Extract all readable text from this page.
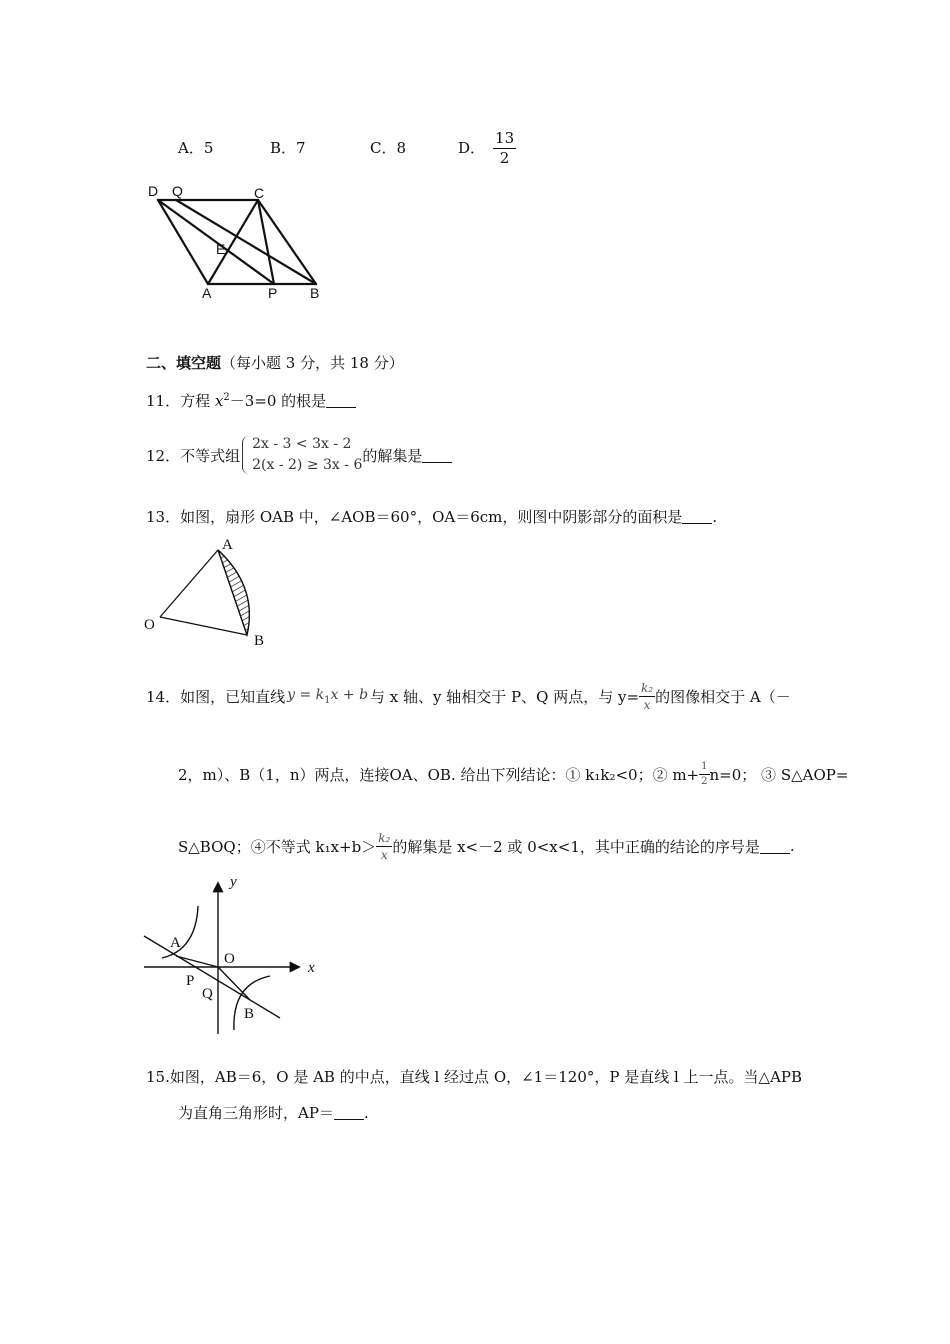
A．5	B．7	C．8	D． $\frac{13}{2}$
D Q	C
E
A	P B
二、填空题（每小题 3 分，共 18 分）
11．方程 $x^2-3=0$ 的根是
12． 不等式组
2x - 3 < 3x - 2
2(x - 2) ≥ 3x - 6
的解集是
13．如图，扇形 OAB 中，∠AOB＝60°，OA＝6cm，则图中阴影部分的面积是 .
A
O
B
14． 如图，已知直线 $y = k_1x + b$ 与 x 轴、y 轴相交于 P、Q 两点，与 $y= \frac{\text{k₂}}{x}$ 的图像相交于 A（－
2，m）、B（1，n）两点，连接OA、OB. 给出下列结论：① k₁k₂<0；② $m+ \frac{1}{2} n=0$； ③ S△AOP=
S△BOQ；④不等式 $k_1x+b> \frac{\text{k₂}}{x}$ 的解集是 x<－2 或 0<x<1，其中正确的结论的序号是 .
y
A
O
x
P
Q
B
15.如图，AB＝6，O 是 AB 的中点，直线 l 经过点 O，∠1＝120°，P 是直线 l 上一点。当△APB
为直角三角形时，AP＝ .
